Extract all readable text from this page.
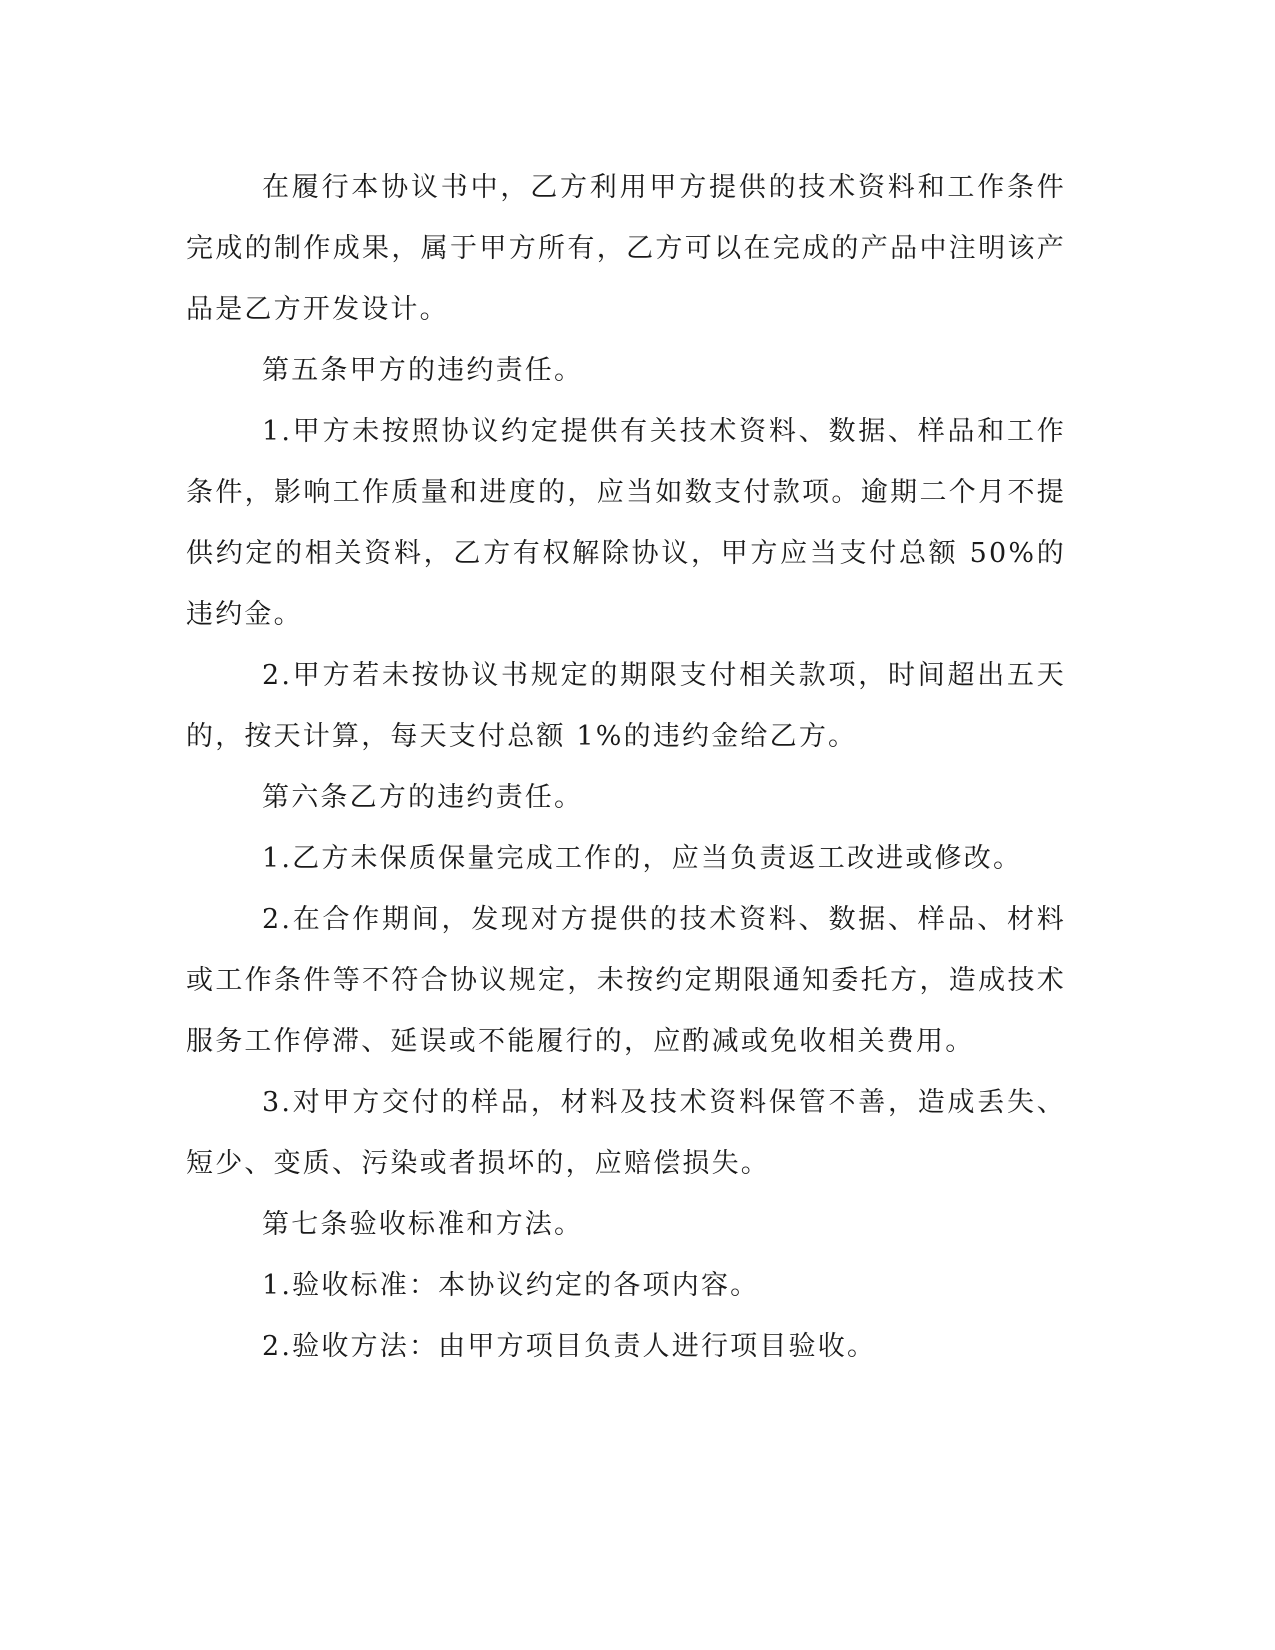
在履行本协议书中，乙方利用甲方提供的技术资料和工作条件完成的制作成果，属于甲方所有，乙方可以在完成的产品中注明该产品是乙方开发设计。

第五条甲方的违约责任。

1.甲方未按照协议约定提供有关技术资料、数据、样品和工作条件，影响工作质量和进度的，应当如数支付款项。逾期二个月不提供约定的相关资料，乙方有权解除协议，甲方应当支付总额 50%的违约金。

2.甲方若未按协议书规定的期限支付相关款项，时间超出五天的，按天计算，每天支付总额 1%的违约金给乙方。

第六条乙方的违约责任。

1.乙方未保质保量完成工作的，应当负责返工改进或修改。

2.在合作期间，发现对方提供的技术资料、数据、样品、材料或工作条件等不符合协议规定，未按约定期限通知委托方，造成技术服务工作停滞、延误或不能履行的，应酌减或免收相关费用。

3.对甲方交付的样品，材料及技术资料保管不善，造成丢失、短少、变质、污染或者损坏的，应赔偿损失。

第七条验收标准和方法。

1.验收标准：本协议约定的各项内容。

2.验收方法：由甲方项目负责人进行项目验收。
